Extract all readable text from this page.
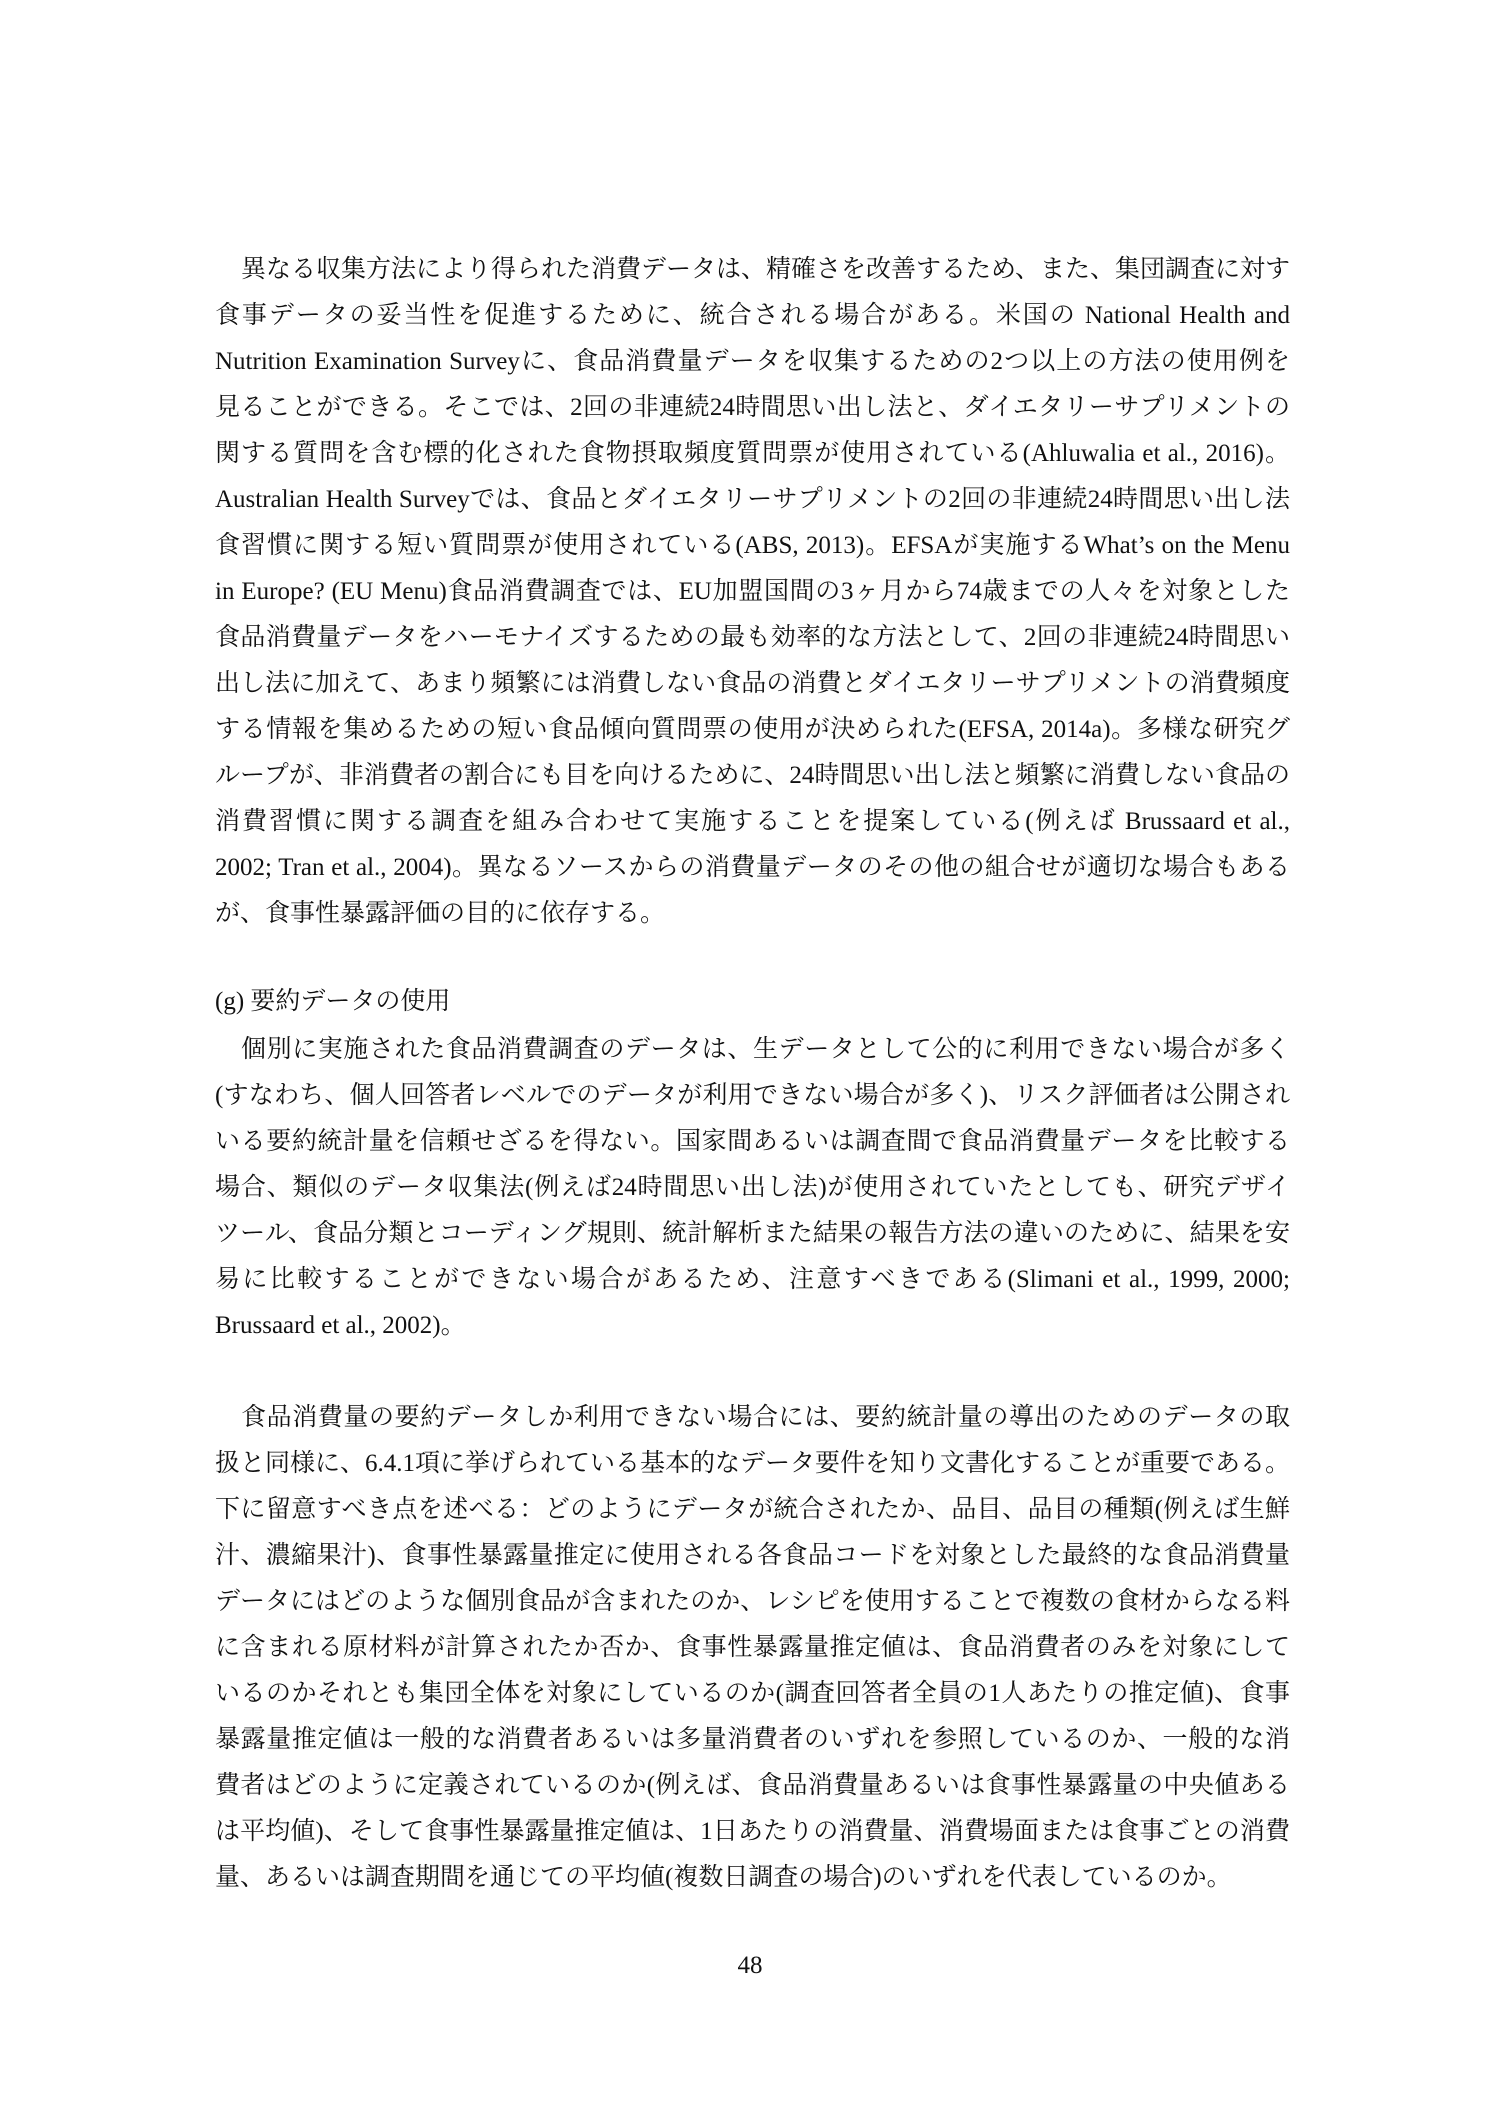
異なる収集方法により得られた消費データは、精確さを改善するため、また、集団調査に対す
食事データの妥当性を促進するために、統合される場合がある。米国の National Health and
Nutrition Examination Surveyに、食品消費量データを収集するための2つ以上の方法の使用例を
見ることができる。そこでは、2回の非連続24時間思い出し法と、ダイエタリーサプリメントの
関する質問を含む標的化された食物摂取頻度質問票が使用されている(Ahluwalia et al., 2016)。
Australian Health Surveyでは、食品とダイエタリーサプリメントの2回の非連続24時間思い出し法
食習慣に関する短い質問票が使用されている(ABS, 2013)。EFSAが実施するWhat’s on the Menu
in Europe? (EU Menu)食品消費調査では、EU加盟国間の3ヶ月から74歳までの人々を対象とした
食品消費量データをハーモナイズするための最も効率的な方法として、2回の非連続24時間思い
出し法に加えて、あまり頻繁には消費しない食品の消費とダイエタリーサプリメントの消費頻度
する情報を集めるための短い食品傾向質問票の使用が決められた(EFSA, 2014a)。多様な研究グ
ループが、非消費者の割合にも目を向けるために、24時間思い出し法と頻繁に消費しない食品の
消費習慣に関する調査を組み合わせて実施することを提案している(例えば Brussaard et al.,
2002; Tran et al., 2004)。異なるソースからの消費量データのその他の組合せが適切な場合もある
が、食事性暴露評価の目的に依存する。
(g) 要約データの使用
個別に実施された食品消費調査のデータは、生データとして公的に利用できない場合が多く
(すなわち、個人回答者レベルでのデータが利用できない場合が多く)、リスク評価者は公開され
いる要約統計量を信頼せざるを得ない。国家間あるいは調査間で食品消費量データを比較する
場合、類似のデータ収集法(例えば24時間思い出し法)が使用されていたとしても、研究デザイ
ツール、食品分類とコーディング規則、統計解析また結果の報告方法の違いのために、結果を安
易に比較することができない場合があるため、注意すべきである(Slimani et al., 1999, 2000;
Brussaard et al., 2002)。
食品消費量の要約データしか利用できない場合には、要約統計量の導出のためのデータの取
扱と同様に、6.4.1項に挙げられている基本的なデータ要件を知り文書化することが重要である。
下に留意すべき点を述べる：どのようにデータが統合されたか、品目、品目の種類(例えば生鮮
汁、濃縮果汁)、食事性暴露量推定に使用される各食品コードを対象とした最終的な食品消費量
データにはどのような個別食品が含まれたのか、レシピを使用することで複数の食材からなる料
に含まれる原材料が計算されたか否か、食事性暴露量推定値は、食品消費者のみを対象にして
いるのかそれとも集団全体を対象にしているのか(調査回答者全員の1人あたりの推定値)、食事
暴露量推定値は一般的な消費者あるいは多量消費者のいずれを参照しているのか、一般的な消
費者はどのように定義されているのか(例えば、食品消費量あるいは食事性暴露量の中央値ある
は平均値)、そして食事性暴露量推定値は、1日あたりの消費量、消費場面または食事ごとの消費
量、あるいは調査期間を通じての平均値(複数日調査の場合)のいずれを代表しているのか。
48
